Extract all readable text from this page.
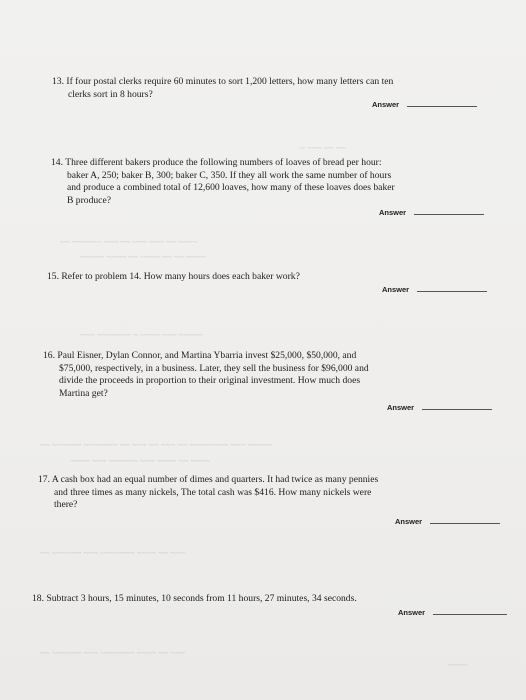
~ ~~~ ~~ ~~
~~ ~~~~~~ ~~~ ~~ ~~~ ~~~ ~~ ~~~~
~~~~~ ~~~~ ~~ ~~~~ ~~ ~~ ~~~~
~~~ ~~~~~~~ ~ ~~~~ ~~~ ~~~~~
~~ ~~~~~~ ~~~~~~~ ~~ ~~~ ~~ ~~~ ~~ ~~~~~~~~ ~~~ ~~~~~
~~~~ ~~~ ~~~~~~ ~~~ ~~~~ ~~ ~~~~
~~ ~~~~~~ ~~~ ~~~~~~~ ~~~~ ~~ ~~~
~~ ~~~~~~ ~~~ ~~~~~~~ ~~~~ ~~ ~~~
~~~~
13. If four postal clerks require 60 minutes to sort 1,200 letters, how many letters can ten
clerks sort in 8 hours?
Answer
14. Three different bakers produce the following numbers of loaves of bread per hour:
baker A, 250; baker B, 300; baker C, 350. If they all work the same number of hours
and produce a combined total of 12,600 loaves, how many of these loaves does baker
B produce?
Answer
15. Refer to problem 14. How many hours does each baker work?
Answer
16. Paul Eisner, Dylan Connor, and Martina Ybarria invest $25,000, $50,000, and
$75,000, respectively, in a business. Later, they sell the business for $96,000 and
divide the proceeds in proportion to their original investment. How much does
Martina get?
Answer
17. A cash box had an equal number of dimes and quarters. It had twice as many pennies
and three times as many nickels, The total cash was $416. How many nickels were
there?
Answer
18. Subtract 3 hours, 15 minutes, 10 seconds from 11 hours, 27 minutes, 34 seconds.
Answer
